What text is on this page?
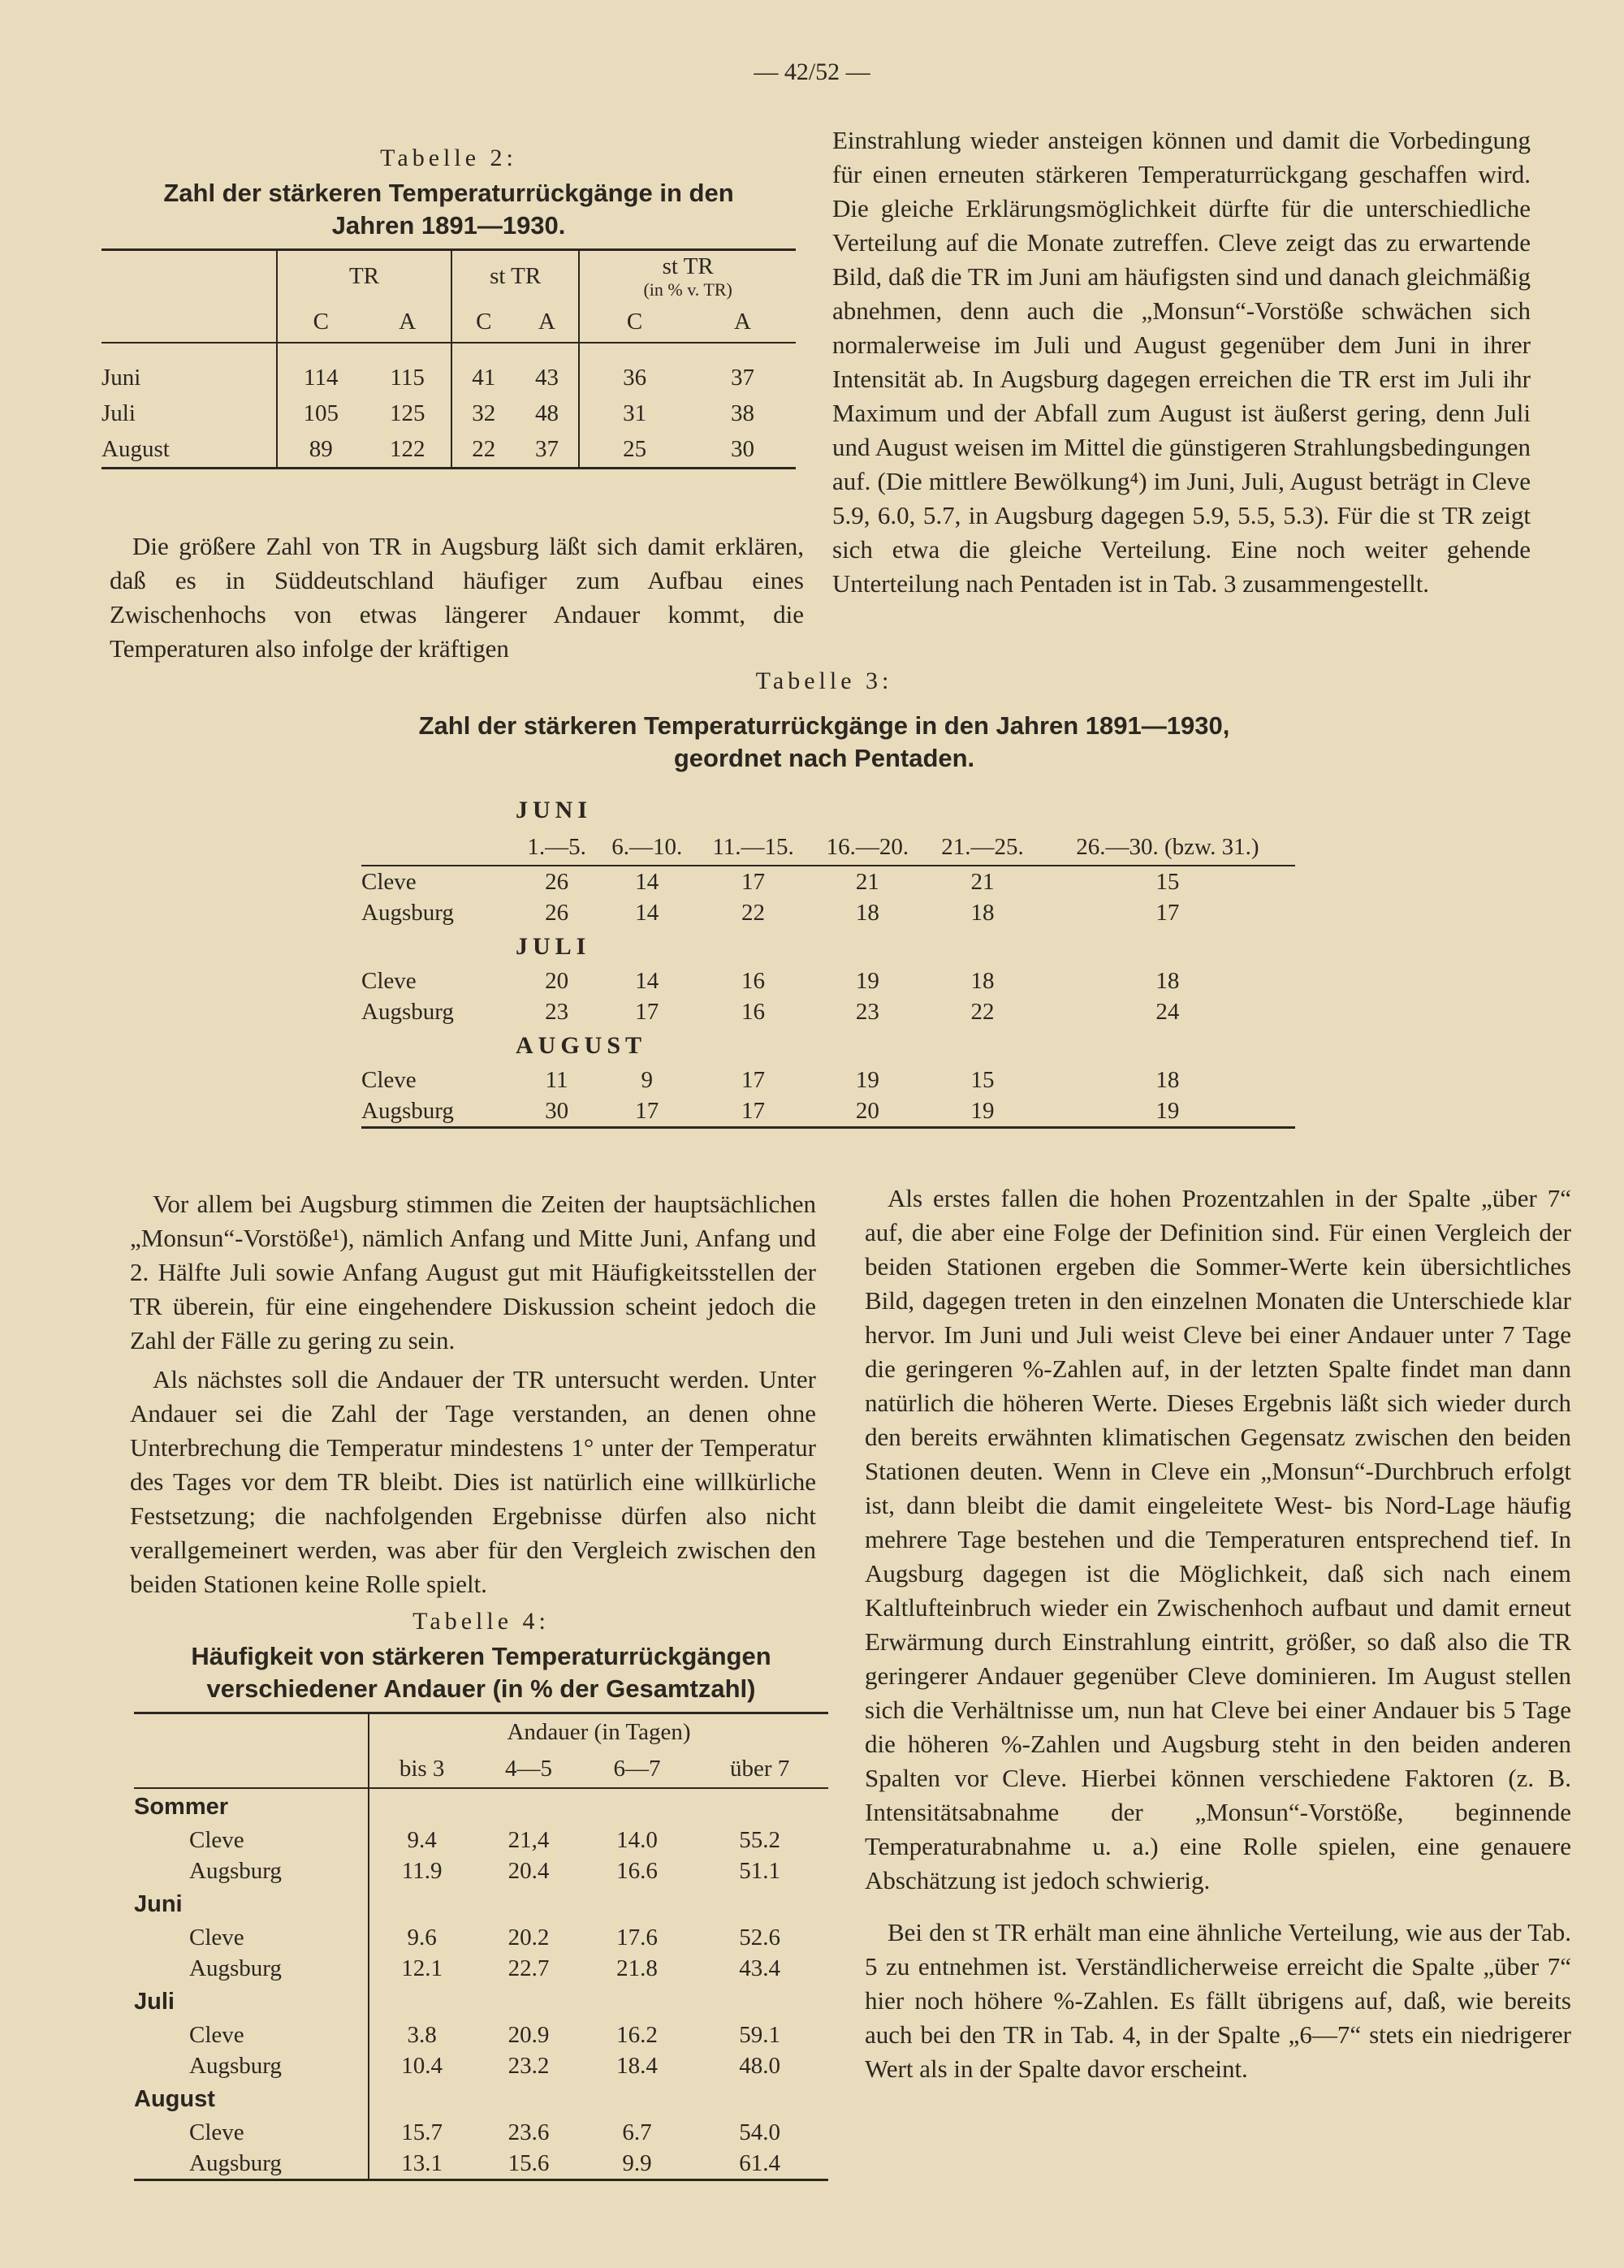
— 42/52 —
Tabelle 2:
Zahl der stärkeren Temperaturrückgänge in den Jahren 1891—1930.
	TR		st TR		st TR
(in % v. TR)	

	C	A	C	A	C	A

Juni	114	115	41	43	36	37
Juli	105	125	32	48	31	38
August	89	122	22	37	25	30

Die größere Zahl von TR in Augsburg läßt sich damit erklären, daß es in Süddeutschland häufiger zum Aufbau eines Zwischenhochs von etwas längerer Andauer kommt, die Temperaturen also infolge der kräftigen

Einstrahlung wieder ansteigen können und damit die Vorbedingung für einen erneuten stärkeren Temperaturrückgang geschaffen wird. Die gleiche Erklärungsmöglichkeit dürfte für die unterschiedliche Verteilung auf die Monate zutreffen. Cleve zeigt das zu erwartende Bild, daß die TR im Juni am häufigsten sind und danach gleichmäßig abnehmen, denn auch die „Monsun“-Vorstöße schwächen sich normalerweise im Juli und August gegenüber dem Juni in ihrer Intensität ab. In Augsburg dagegen erreichen die TR erst im Juli ihr Maximum und der Abfall zum August ist äußerst gering, denn Juli und August weisen im Mittel die günstigeren Strahlungsbedingungen auf. (Die mittlere Bewölkung⁴) im Juni, Juli, August beträgt in Cleve 5.9, 6.0, 5.7, in Augsburg dagegen 5.9, 5.5, 5.3). Für die st TR zeigt sich etwa die gleiche Verteilung. Eine noch weiter gehende Unterteilung nach Pentaden ist in Tab. 3 zusammengestellt.

Tabelle 3:
Zahl der stärkeren Temperaturrückgänge in den Jahren 1891—1930,
geordnet nach Pentaden.
	JUNI					
	1.—5.	6.—10.	11.—15.	16.—20.	21.—25.	26.—30. (bzw. 31.)
Cleve	26	14	17	21	21	15
Augsburg	26	14	22	18	18	17
	JULI					
Cleve	20	14	16	19	18	18
Augsburg	23	17	16	23	22	24
	AUGUST					
Cleve	11	9	17	19	15	18
Augsburg	30	17	17	20	19	19

Vor allem bei Augsburg stimmen die Zeiten der hauptsächlichen „Monsun“-Vorstöße¹), nämlich Anfang und Mitte Juni, Anfang und 2. Hälfte Juli sowie Anfang August gut mit Häufigkeitsstellen der TR überein, für eine eingehendere Diskussion scheint jedoch die Zahl der Fälle zu gering zu sein.

Als nächstes soll die Andauer der TR untersucht werden. Unter Andauer sei die Zahl der Tage verstanden, an denen ohne Unterbrechung die Temperatur mindestens 1° unter der Temperatur des Tages vor dem TR bleibt. Dies ist natürlich eine willkürliche Festsetzung; die nachfolgenden Ergebnisse dürfen also nicht verallgemeinert werden, was aber für den Vergleich zwischen den beiden Stationen keine Rolle spielt.

Tabelle 4:
Häufigkeit von stärkeren Temperaturrückgängen
verschiedener Andauer (in % der Gesamtzahl)
	Andauer (in Tagen)			
	bis 3	4—5	6—7	über 7
Sommer				
Cleve	9.4	21,4	14.0	55.2
Augsburg	11.9	20.4	16.6	51.1
Juni				
Cleve	9.6	20.2	17.6	52.6
Augsburg	12.1	22.7	21.8	43.4
Juli				
Cleve	3.8	20.9	16.2	59.1
Augsburg	10.4	23.2	18.4	48.0
August				
Cleve	15.7	23.6	6.7	54.0
Augsburg	13.1	15.6	9.9	61.4

Als erstes fallen die hohen Prozentzahlen in der Spalte „über 7“ auf, die aber eine Folge der Definition sind. Für einen Vergleich der beiden Stationen ergeben die Sommer-Werte kein übersichtliches Bild, dagegen treten in den einzelnen Monaten die Unterschiede klar hervor. Im Juni und Juli weist Cleve bei einer Andauer unter 7 Tage die geringeren %-Zahlen auf, in der letzten Spalte findet man dann natürlich die höheren Werte. Dieses Ergebnis läßt sich wieder durch den bereits erwähnten klimatischen Gegensatz zwischen den beiden Stationen deuten. Wenn in Cleve ein „Monsun“-Durchbruch erfolgt ist, dann bleibt die damit eingeleitete West- bis Nord-Lage häufig mehrere Tage bestehen und die Temperaturen entsprechend tief. In Augsburg dagegen ist die Möglichkeit, daß sich nach einem Kaltlufteinbruch wieder ein Zwischenhoch aufbaut und damit erneut Erwärmung durch Einstrahlung eintritt, größer, so daß also die TR geringerer Andauer gegenüber Cleve dominieren. Im August stellen sich die Verhältnisse um, nun hat Cleve bei einer Andauer bis 5 Tage die höheren %-Zahlen und Augsburg steht in den beiden anderen Spalten vor Cleve. Hierbei können verschiedene Faktoren (z. B. Intensitätsabnahme der „Monsun“-Vorstöße, beginnende Temperaturabnahme u. a.) eine Rolle spielen, eine genauere Abschätzung ist jedoch schwierig.

Bei den st TR erhält man eine ähnliche Verteilung, wie aus der Tab. 5 zu entnehmen ist. Verständlicherweise erreicht die Spalte „über 7“ hier noch höhere %-Zahlen. Es fällt übrigens auf, daß, wie bereits auch bei den TR in Tab. 4, in der Spalte „6—7“ stets ein niedrigerer Wert als in der Spalte davor erscheint.
